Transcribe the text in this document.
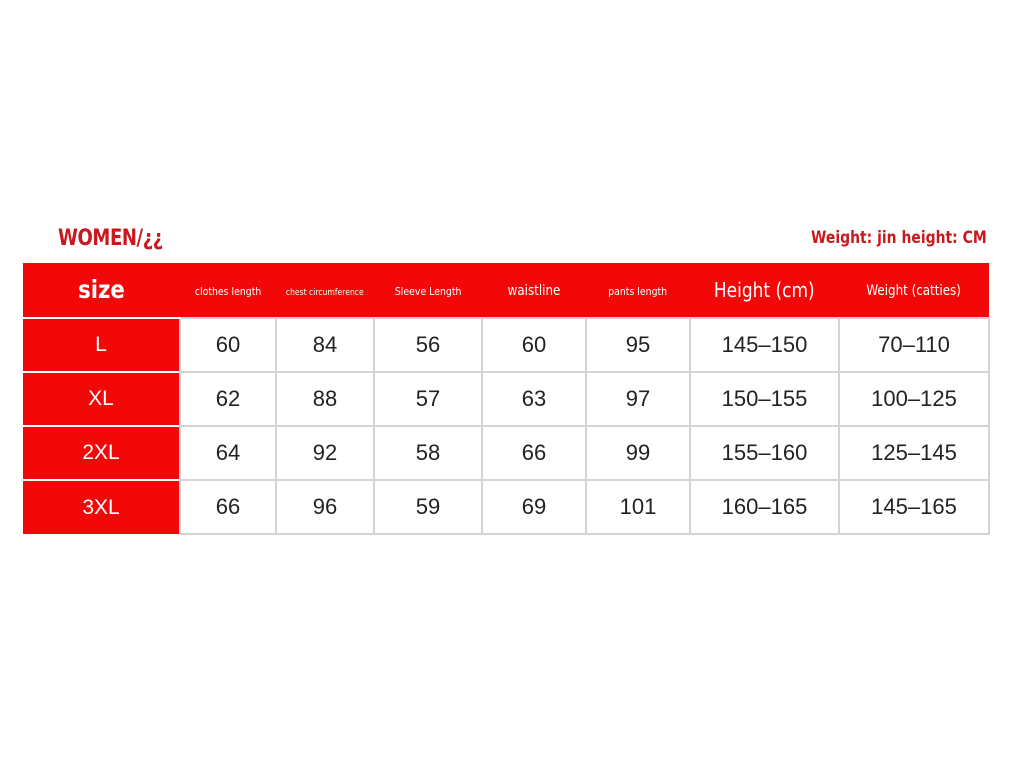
WOMEN/¿¿	Weight: jin height: CM
size	clothes length	chest circumference	Sleeve Length	waistline	pants length	Height (cm)	Weight (catties)
L	60	84	56	60	95	145–150	70–110
XL	62	88	57	63	97	150–155	100–125
2XL	64	92	58	66	99	155–160	125–145
3XL	66	96	59	69	101	160–165	145–165
